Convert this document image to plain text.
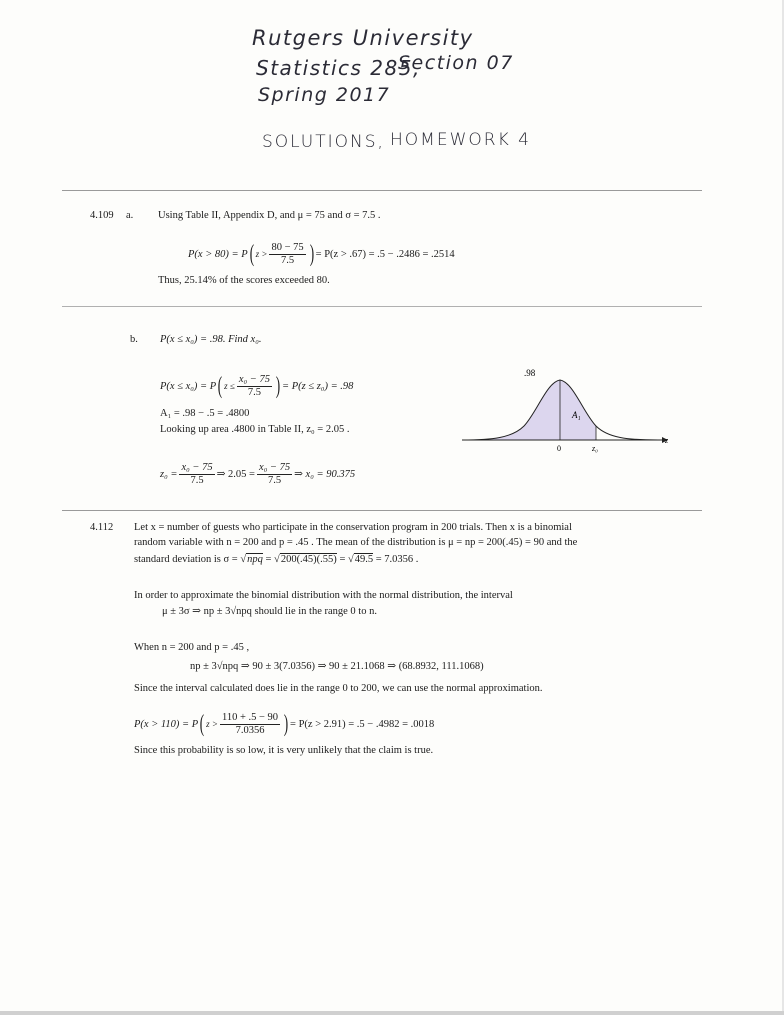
Rutgers University
Statistics 285,
Section 07
Spring 2017
SOLUTIONS, HOMEWORK 4
4.109 a. Using Table II, Appendix D, and μ = 75 and σ = 7.5 .
P(x > 80) = P ( $z > \frac{80 - 75}{7.5}$ ) = P(z > .67) = .5 − .2486 = .2514
Thus, 25.14% of the scores exceeded 80.
b. P(x ≤ x₀) = .98. Find x₀.
P(x ≤ x₀) = P ( $z \le \frac{\text{x₀ − 75}}{7.5}$ ) = P(z ≤ z₀) = .98
A₁ = .98 − .5 = .4800
Looking up area .4800 in Table II, z₀ = 2.05 .
$z_0 = \frac{\text{x₀ − 75}}{7.5}$ ⇒ $2.05 = \frac{\text{x₀ − 75}}{7.5}$ ⇒ x₀ = 90.375
.98
A₁
0	z₀
z
4.112 Let x = number of guests who participate in the conservation program in 200 trials. Then x is a binomial
random variable with n = 200 and p = .45 . The mean of the distribution is μ = np = 200(.45) = 90 and the
standard deviation is σ = √npq = √200(.45)(.55) = √49.5 = 7.0356 .
In order to approximate the binomial distribution with the normal distribution, the interval
μ ± 3σ ⇒ np ± 3√npq should lie in the range 0 to n.
When n = 200 and p = .45 ,
np ± 3√npq ⇒ 90 ± 3(7.0356) ⇒ 90 ± 21.1068 ⇒ (68.8932, 111.1068)
Since the interval calculated does lie in the range 0 to 200, we can use the normal approximation.
P(x > 110) = P ( $z > \frac{110 + .5 - 90}{7.0356}$ ) = P(z > 2.91) = .5 − .4982 = .0018
Since this probability is so low, it is very unlikely that the claim is true.
